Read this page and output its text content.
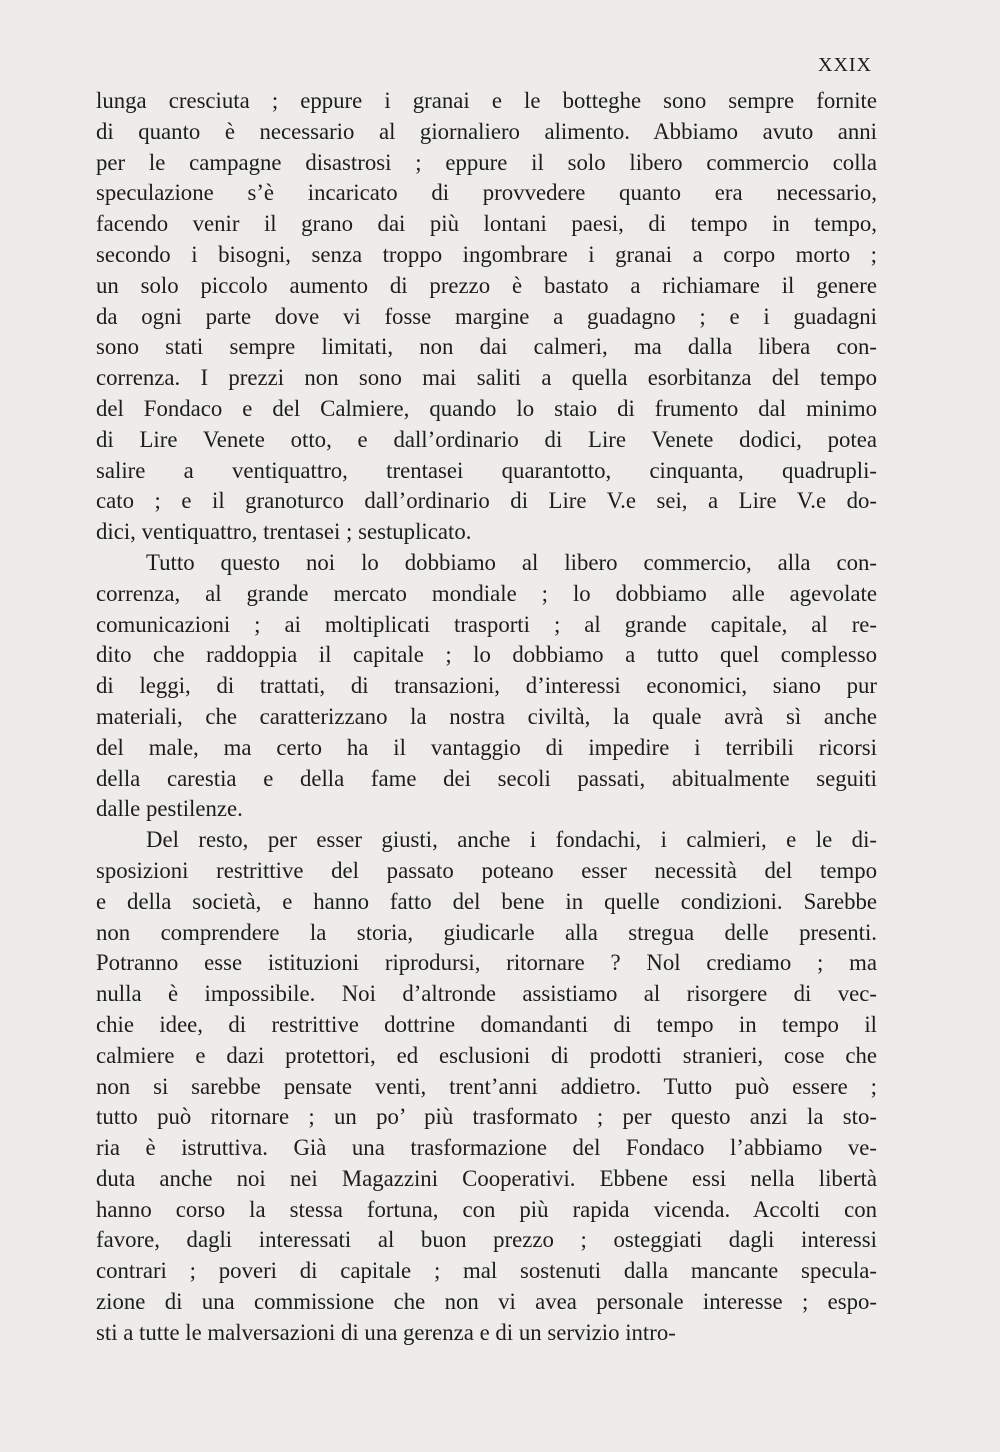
XXIX
lunga cresciuta ; eppure i granai e le botteghe sono sempre fornite
di quanto è necessario al giornaliero alimento. Abbiamo avuto anni
per le campagne disastrosi ; eppure il solo libero commercio colla
speculazione s’è incaricato di provvedere quanto era necessario,
facendo venir il grano dai più lontani paesi, di tempo in tempo,
secondo i bisogni, senza troppo ingombrare i granai a corpo morto ;
un solo piccolo aumento di prezzo è bastato a richiamare il genere
da ogni parte dove vi fosse margine a guadagno ; e i guadagni
sono stati sempre limitati, non dai calmeri, ma dalla libera con-
correnza. I prezzi non sono mai saliti a quella esorbitanza del tempo
del Fondaco e del Calmiere, quando lo staio di frumento dal minimo
di Lire Venete otto, e dall’ordinario di Lire Venete dodici, potea
salire a ventiquattro, trentasei quarantotto, cinquanta, quadrupli-
cato ; e il granoturco dall’ordinario di Lire V.e sei, a Lire V.e do-
dici, ventiquattro, trentasei ; sestuplicato.
Tutto questo noi lo dobbiamo al libero commercio, alla con-
correnza, al grande mercato mondiale ; lo dobbiamo alle agevolate
comunicazioni ; ai moltiplicati trasporti ; al grande capitale, al re-
dito che raddoppia il capitale ; lo dobbiamo a tutto quel complesso
di leggi, di trattati, di transazioni, d’interessi economici, siano pur
materiali, che caratterizzano la nostra civiltà, la quale avrà sì anche
del male, ma certo ha il vantaggio di impedire i terribili ricorsi
della carestia e della fame dei secoli passati, abitualmente seguiti
dalle pestilenze.
Del resto, per esser giusti, anche i fondachi, i calmieri, e le di-
sposizioni restrittive del passato poteano esser necessità del tempo
e della società, e hanno fatto del bene in quelle condizioni. Sarebbe
non comprendere la storia, giudicarle alla stregua delle presenti.
Potranno esse istituzioni riprodursi, ritornare ? Nol crediamo ; ma
nulla è impossibile. Noi d’altronde assistiamo al risorgere di vec-
chie idee, di restrittive dottrine domandanti di tempo in tempo il
calmiere e dazi protettori, ed esclusioni di prodotti stranieri, cose che
non si sarebbe pensate venti, trent’anni addietro. Tutto può essere ;
tutto può ritornare ; un po’ più trasformato ; per questo anzi la sto-
ria è istruttiva. Già una trasformazione del Fondaco l’abbiamo ve-
duta anche noi nei Magazzini Cooperativi. Ebbene essi nella libertà
hanno corso la stessa fortuna, con più rapida vicenda. Accolti con
favore, dagli interessati al buon prezzo ; osteggiati dagli interessi
contrari ; poveri di capitale ; mal sostenuti dalla mancante specula-
zione di una commissione che non vi avea personale interesse ; espo-
sti a tutte le malversazioni di una gerenza e di un servizio intro-
